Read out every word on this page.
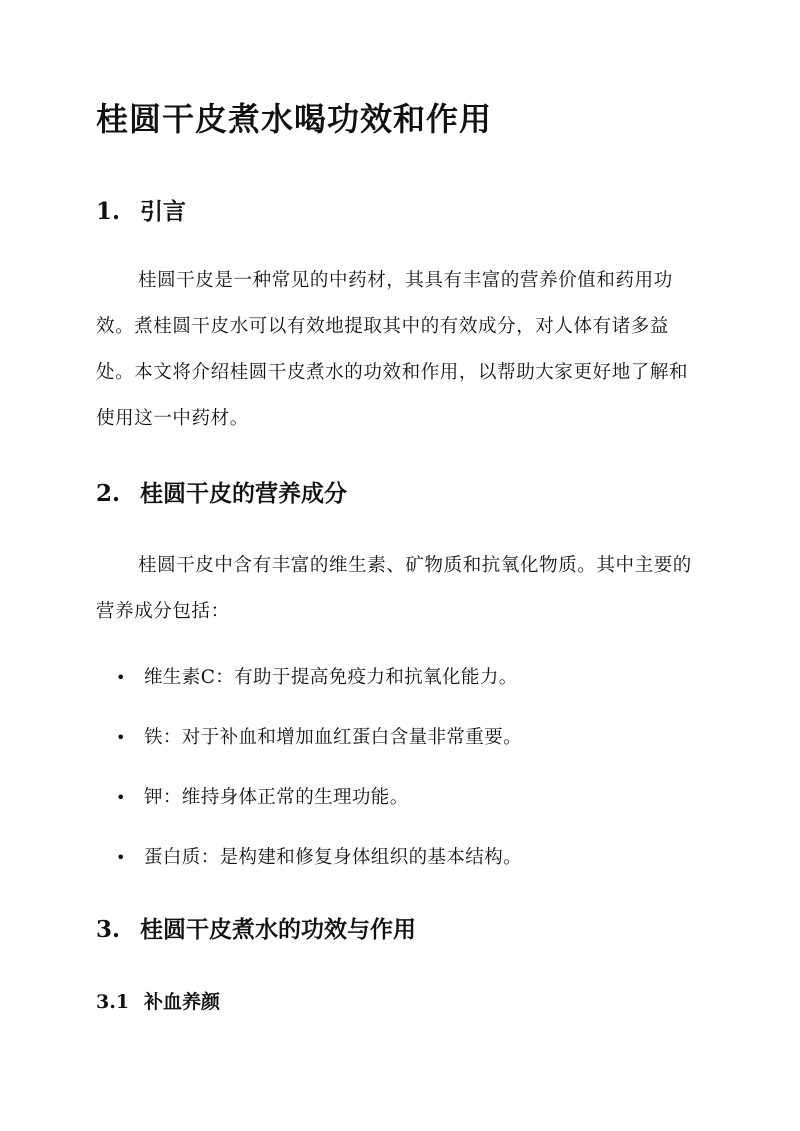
桂圆干皮煮水喝功效和作用
1. 引言

桂圆干皮是一种常见的中药材，其具有丰富的营养价值和药用功效。煮桂圆干皮水可以有效地提取其中的有效成分，对人体有诸多益处。本文将介绍桂圆干皮煮水的功效和作用，以帮助大家更好地了解和使用这一中药材。

2. 桂圆干皮的营养成分

桂圆干皮中含有丰富的维生素、矿物质和抗氧化物质。其中主要的营养成分包括：

• 维生素C：有助于提高免疫力和抗氧化能力。
• 铁：对于补血和增加血红蛋白含量非常重要。
• 钾：维持身体正常的生理功能。
• 蛋白质：是构建和修复身体组织的基本结构。
3. 桂圆干皮煮水的功效与作用
3.1 补血养颜
